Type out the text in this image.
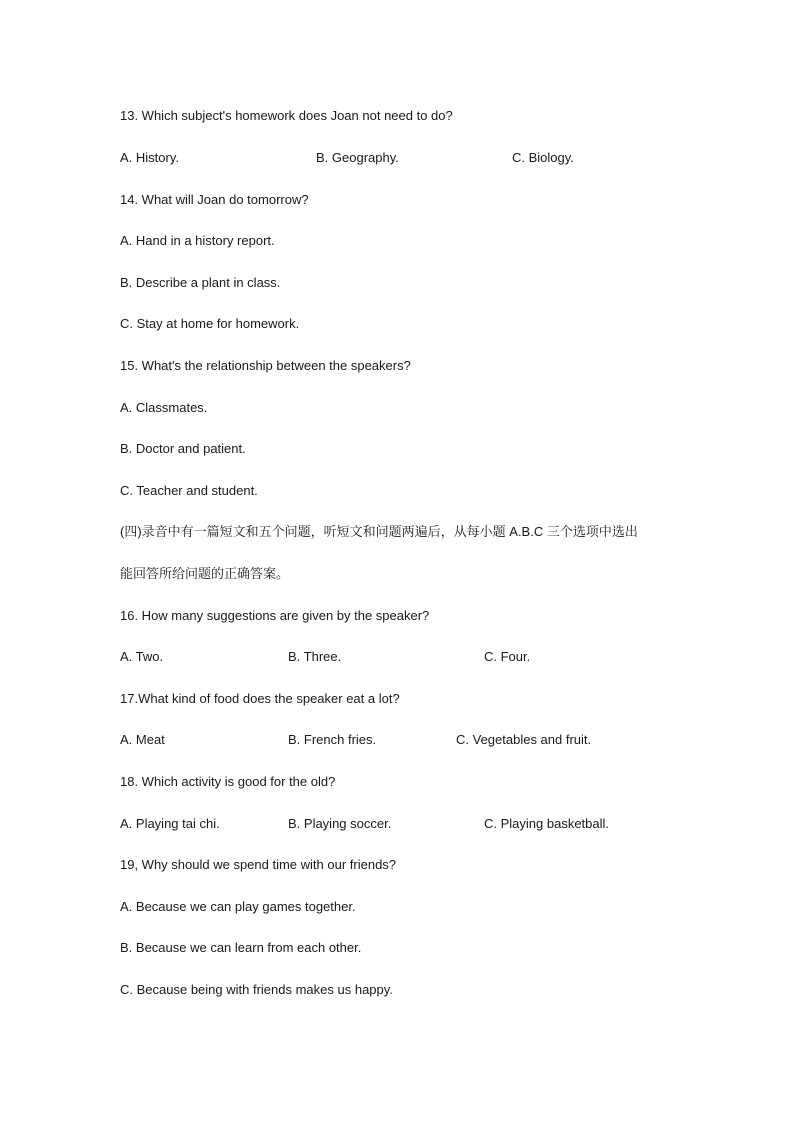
13. Which subject's homework does Joan not need to do?
A. History.	B. Geography.	C. Biology.
14. What will Joan do tomorrow?
A. Hand in a history report.
B. Describe a plant in class.
C. Stay at home for homework.
15. What's the relationship between the speakers?
A. Classmates.
B. Doctor and patient.
C. Teacher and student.
(四)录音中有一篇短文和五个问题，听短文和问题两遍后，从每小题 A.B.C 三个选项中选出
能回答所给问题的正确答案。
16. How many suggestions are given by the speaker?
A. Two.	B. Three.	C. Four.
17.What kind of food does the speaker eat a lot?
A. Meat	B. French fries.	C. Vegetables and fruit.
18. Which activity is good for the old?
A. Playing tai chi.	B. Playing soccer.	C. Playing basketball.
19, Why should we spend time with our friends?
A. Because we can play games together.
B. Because we can learn from each other.
C. Because being with friends makes us happy.
